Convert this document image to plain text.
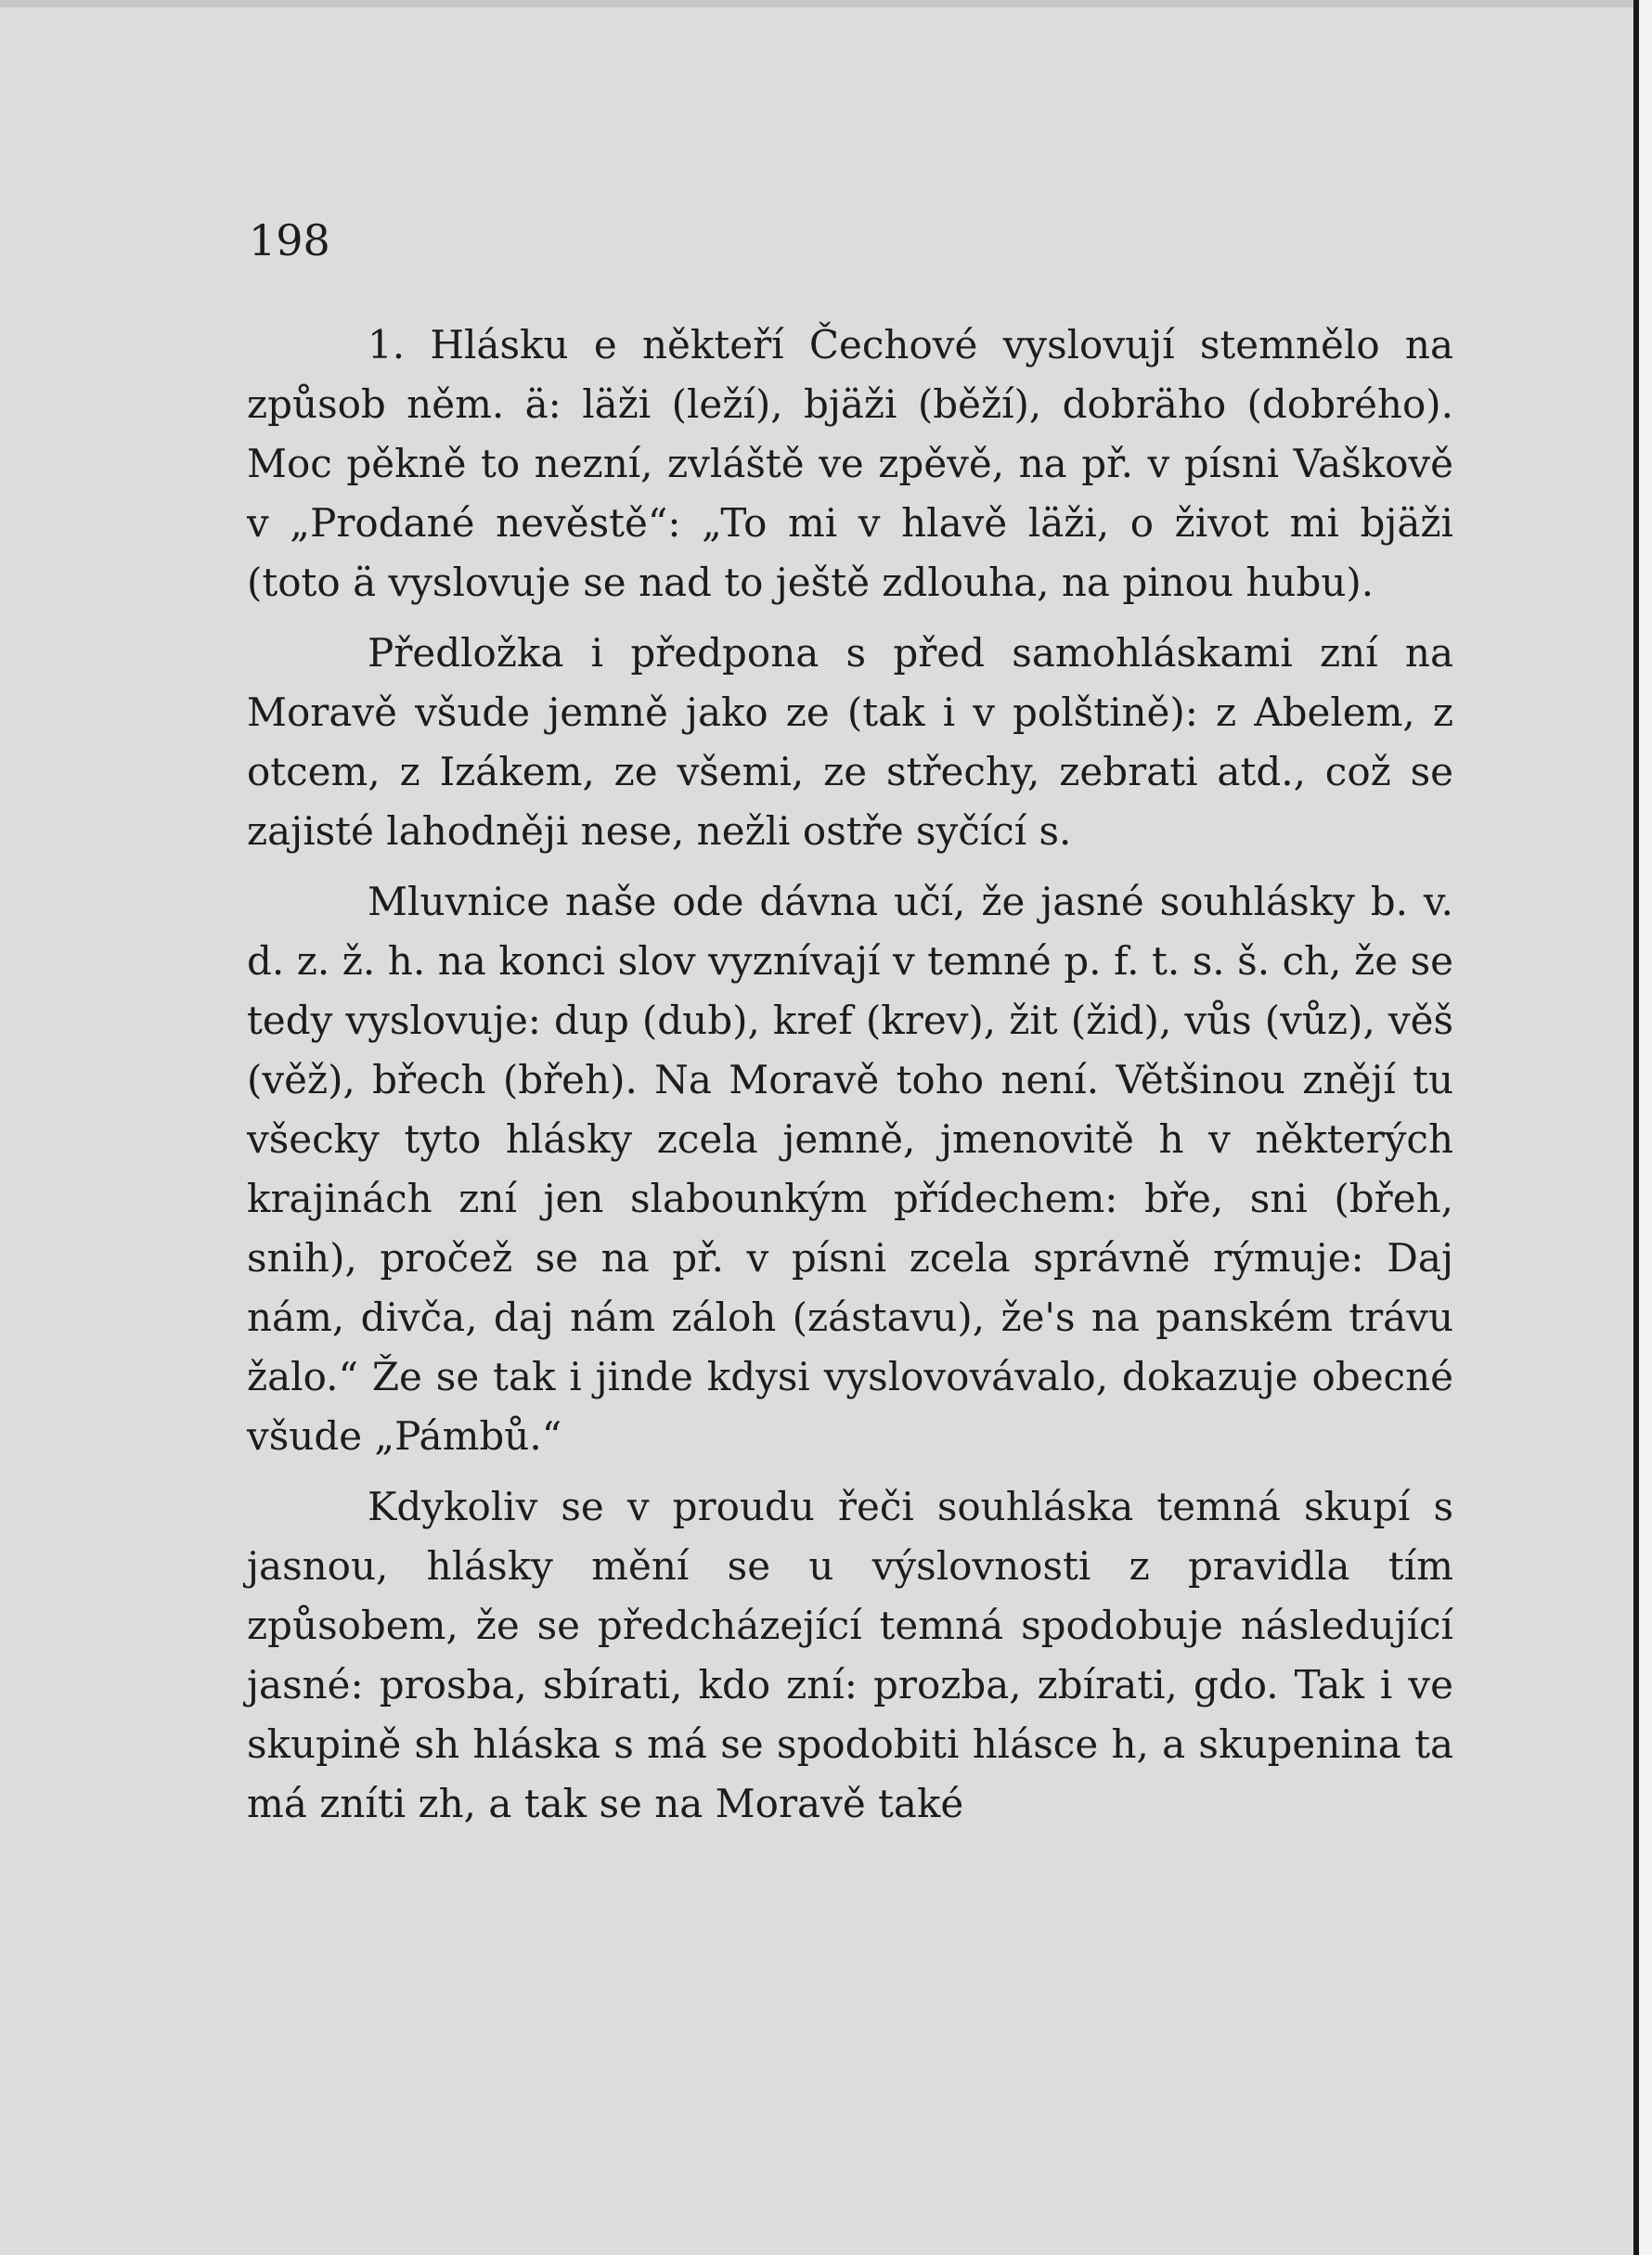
198

1. Hlásku e někteří Čechové vyslovují stemnělo na způsob něm. ä: läži (leží), bjäži (běží), dobräho (dobrého). Moc pěkně to nezní, zvláště ve zpěvě, na př. v písni Vaškově v „Prodané nevěstě“: „To mi v hlavě läži, o život mi bjäži (toto ä vyslovuje se nad to ještě zdlouha, na pinou hubu).

Předložka i předpona s před samohláskami zní na Moravě všude jemně jako ze (tak i v polštině): z Abelem, z otcem, z Izákem, ze všemi, ze střechy, zebrati atd., což se zajisté lahodněji nese, nežli ostře syčící s.

Mluvnice naše ode dávna učí, že jasné souhlásky b. v. d. z. ž. h. na konci slov vyznívají v temné p. f. t. s. š. ch, že se tedy vyslovuje: dup (dub), kref (krev), žit (žid), vůs (vůz), věš (věž), břech (břeh). Na Moravě toho není. Většinou znějí tu všecky tyto hlásky zcela jemně, jmenovitě h v některých krajinách zní jen slabounkým přídechem: bře, sni (břeh, snih), pročež se na př. v písni zcela správně rýmuje: Daj nám, divča, daj nám záloh (zástavu), že's na panském trávu žalo.“ Že se tak i jinde kdysi vyslovovávalo, dokazuje obecné všude „Pámbů.“

Kdykoliv se v proudu řeči souhláska temná skupí s jasnou, hlásky mění se u výslovnosti z pravidla tím způsobem, že se předcházející temná spodobuje následující jasné: prosba, sbírati, kdo zní: prozba, zbírati, gdo. Tak i ve skupině sh hláska s má se spodobiti hlásce h, a skupenina ta má zníti zh, a tak se na Moravě také
